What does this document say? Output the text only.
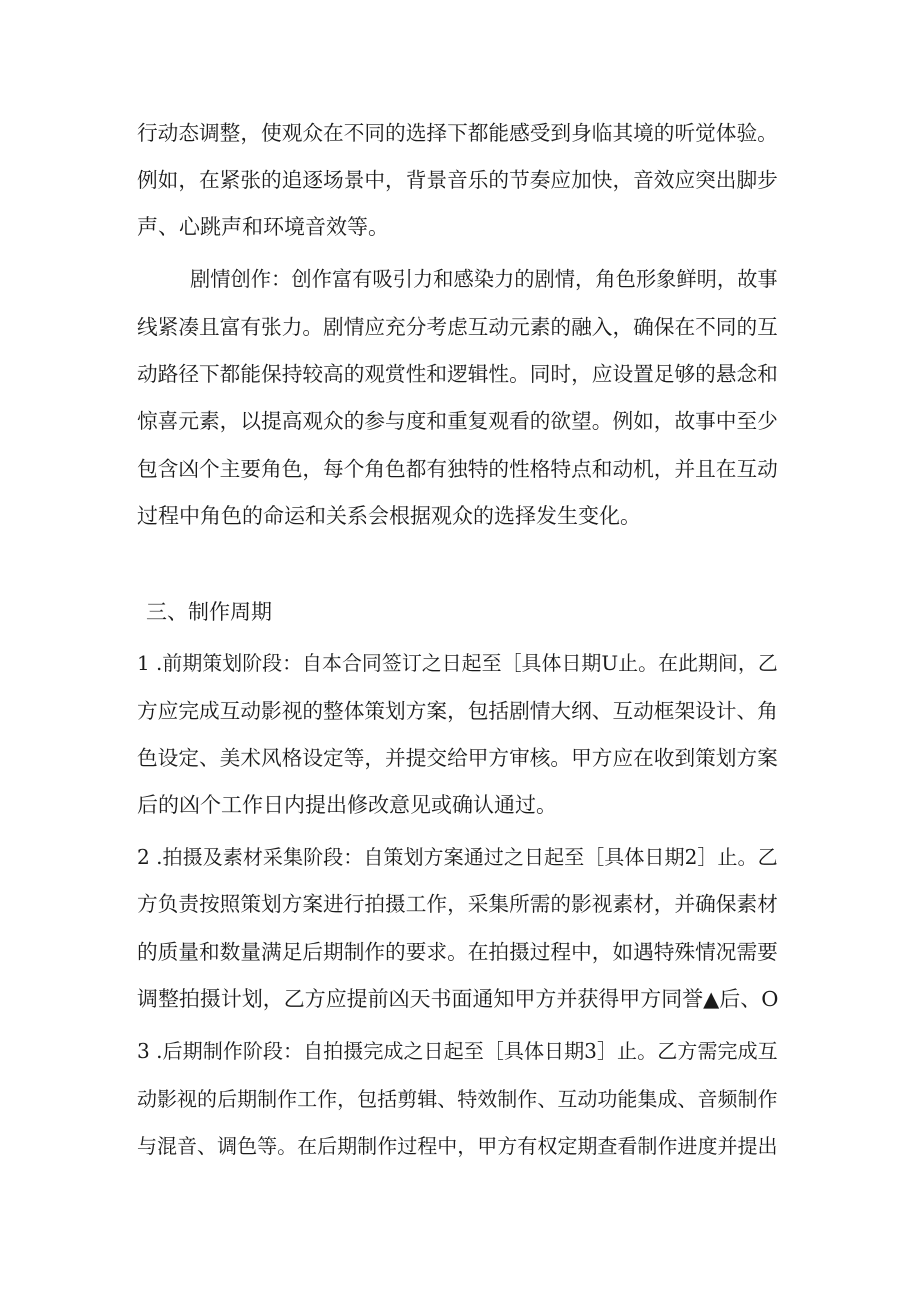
行动态调整，使观众在不同的选择下都能感受到身临其境的听觉体验。
例如，在紧张的追逐场景中，背景音乐的节奏应加快，音效应突出脚步
声、心跳声和环境音效等。
剧情创作：创作富有吸引力和感染力的剧情，角色形象鲜明，故事
线紧凑且富有张力。剧情应充分考虑互动元素的融入，确保在不同的互
动路径下都能保持较高的观赏性和逻辑性。同时，应设置足够的悬念和
惊喜元素，以提高观众的参与度和重复观看的欲望。例如，故事中至少
包含凶个主要角色，每个角色都有独特的性格特点和动机，并且在互动
过程中角色的命运和关系会根据观众的选择发生变化。
三、制作周期
1 .前期策划阶段：自本合同签订之日起至［具体日期U止。在此期间，乙
方应完成互动影视的整体策划方案，包括剧情大纲、互动框架设计、角
色设定、美术风格设定等，并提交给甲方审核。甲方应在收到策划方案
后的凶个工作日内提出修改意见或确认通过。
2 .拍摄及素材采集阶段：自策划方案通过之日起至［具体日期2］止。乙
方负责按照策划方案进行拍摄工作，采集所需的影视素材，并确保素材
的质量和数量满足后期制作的要求。在拍摄过程中，如遇特殊情况需要
调整拍摄计划，乙方应提前凶天书面通知甲方并获得甲方同誉▲后、O
3 .后期制作阶段：自拍摄完成之日起至［具体日期3］止。乙方需完成互
动影视的后期制作工作，包括剪辑、特效制作、互动功能集成、音频制作
与混音、调色等。在后期制作过程中，甲方有权定期查看制作进度并提出
